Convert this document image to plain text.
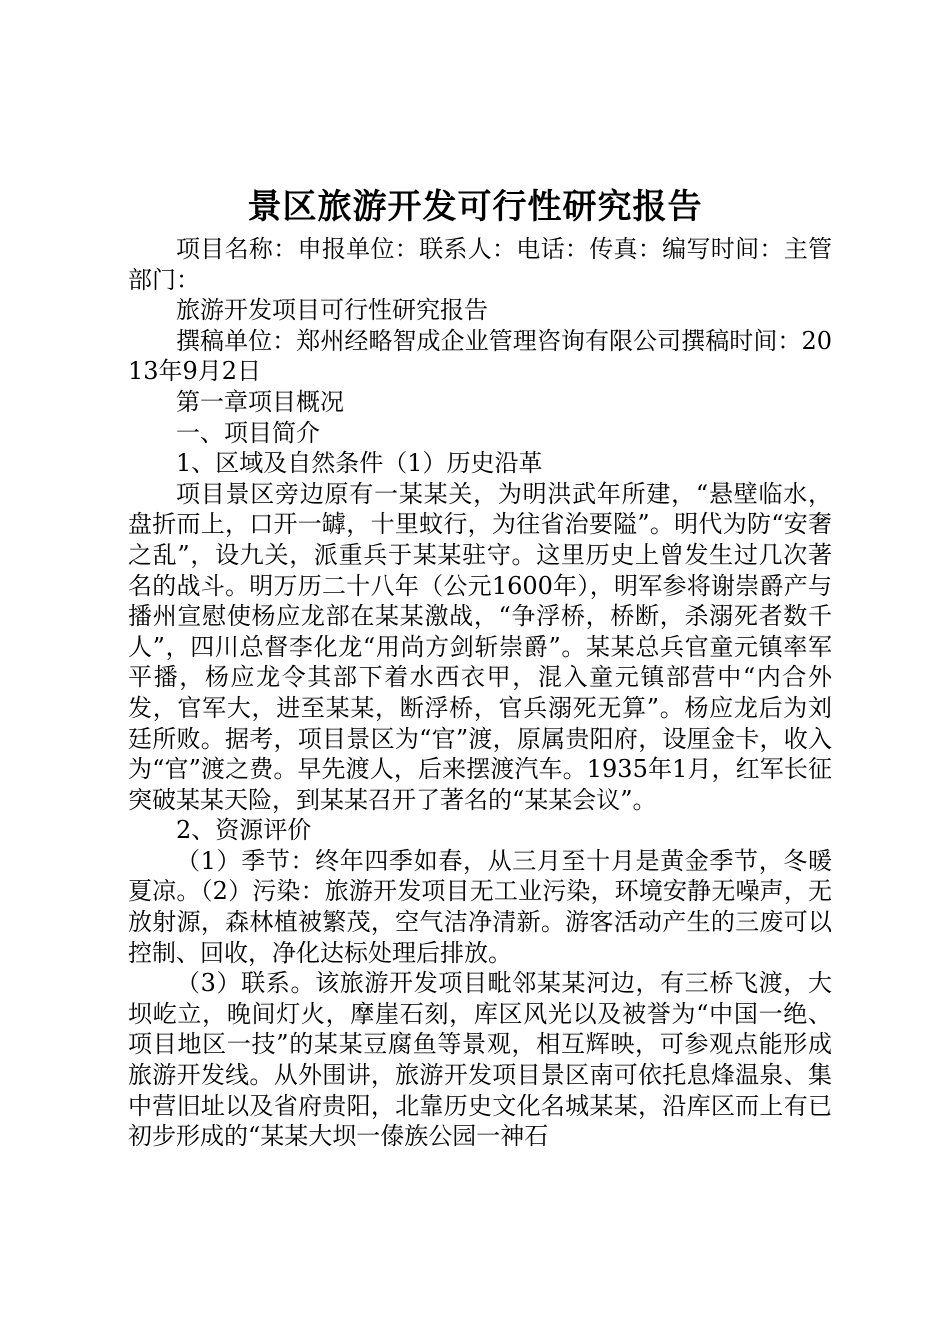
景区旅游开发可行性研究报告

项目名称：申报单位：联系人：电话：传真：编写时间：主管部门：

旅游开发项目可行性研究报告

撰稿单位：郑州经略智成企业管理咨询有限公司撰稿时间：2013年9月2日

第一章项目概况

一、项目简介

1、区域及自然条件（1）历史沿革

项目景区旁边原有一某某关，为明洪武年所建，“悬壁临水，盘折而上，口开一罅，十里蚊行，为往省治要隘”。明代为防“安奢之乱”，设九关，派重兵于某某驻守。这里历史上曾发生过几次著名的战斗。明万历二十八年（公元1600年），明军参将谢崇爵产与播州宣慰使杨应龙部在某某激战，“争浮桥，桥断，杀溺死者数千人”，四川总督李化龙“用尚方剑斩崇爵”。某某总兵官童元镇率军平播，杨应龙令其部下着水西衣甲，混入童元镇部营中“内合外发，官军大，进至某某，断浮桥，官兵溺死无算”。杨应龙后为刘廷所败。据考，项目景区为“官”渡，原属贵阳府，设厘金卡，收入为“官”渡之费。早先渡人，后来摆渡汽车。1935年1月，红军长征突破某某天险，到某某召开了著名的“某某会议”。

2、资源评价

（1）季节：终年四季如春，从三月至十月是黄金季节，冬暖夏凉。（2）污染：旅游开发项目无工业污染，环境安静无噪声，无放射源，森林植被繁茂，空气洁净清新。游客活动产生的三废可以控制、回收，净化达标处理后排放。

（3）联系。该旅游开发项目毗邻某某河边，有三桥飞渡，大坝屹立，晚间灯火，摩崖石刻，库区风光以及被誉为“中国一绝、项目地区一技”的某某豆腐鱼等景观，相互辉映，可参观点能形成旅游开发线。从外围讲，旅游开发项目景区南可依托息烽温泉、集中营旧址以及省府贵阳，北靠历史文化名城某某，沿库区而上有已初步形成的“某某大坝一傣族公园一神石
